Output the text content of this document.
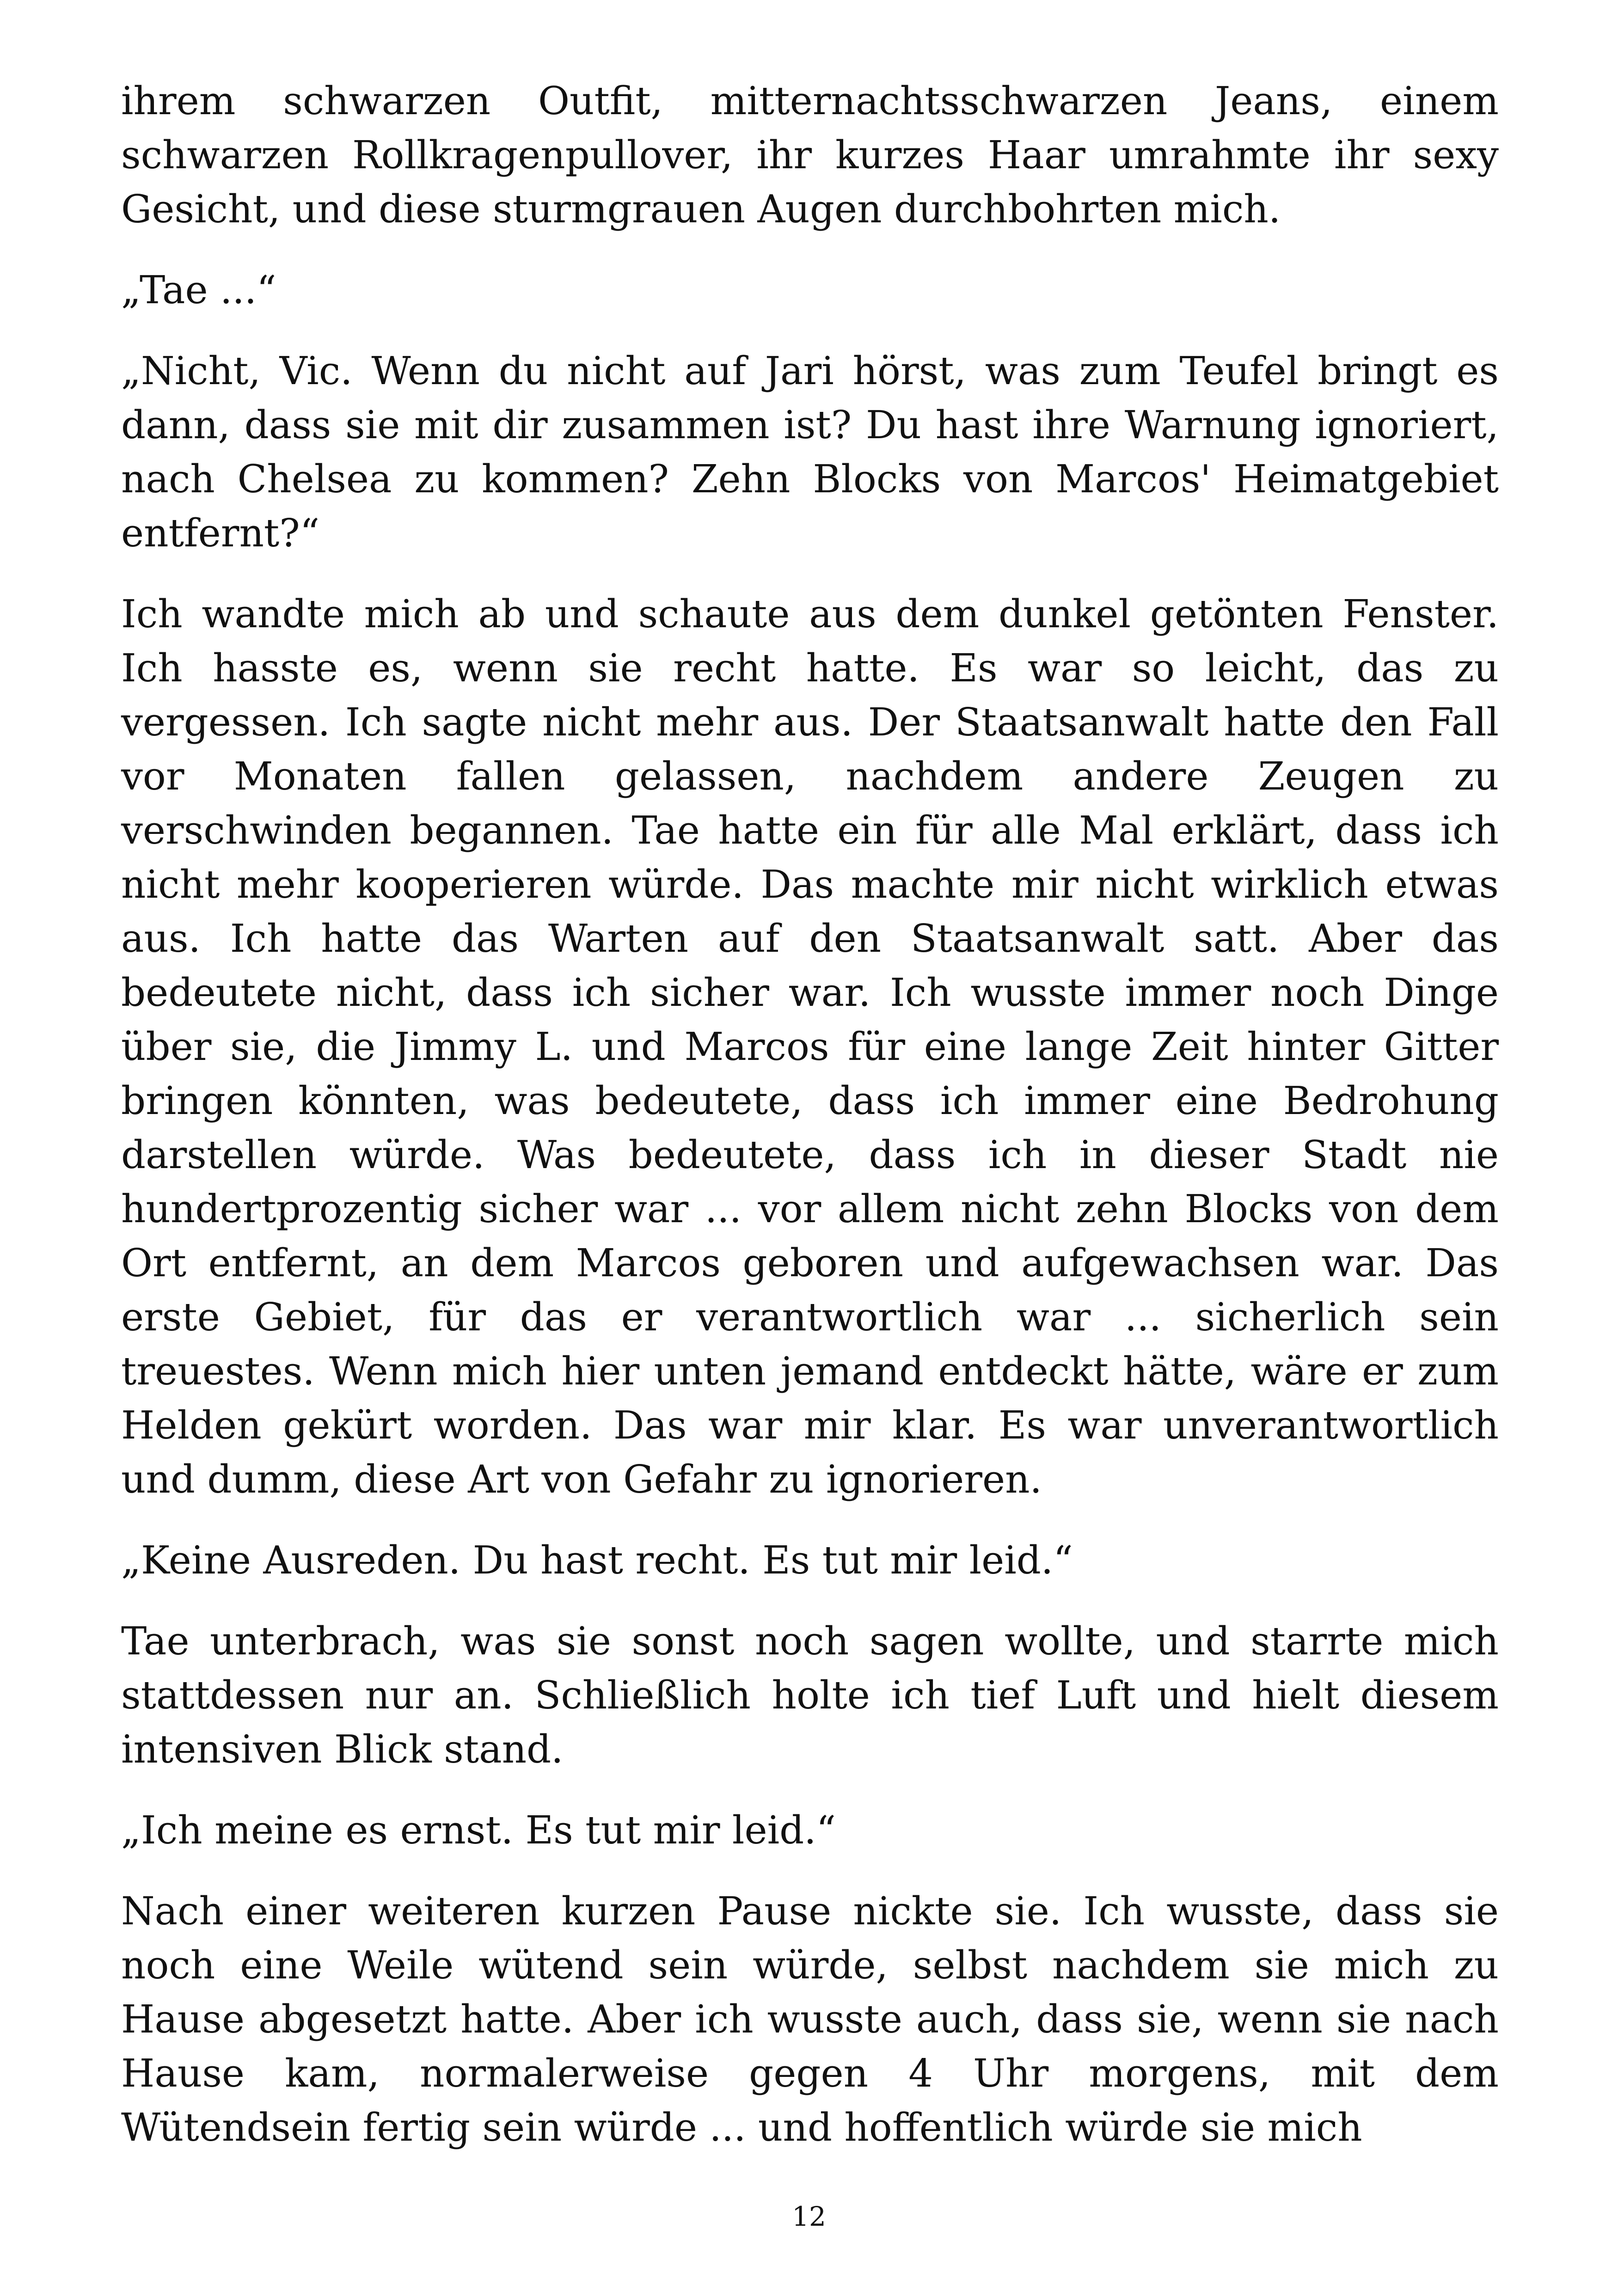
ihrem schwarzen Outfit, mitternachtsschwarzen Jeans, einem schwarzen Rollkragenpullover, ihr kurzes Haar umrahmte ihr sexy Gesicht, und diese sturmgrauen Augen durchbohrten mich.

„Tae ...“

„Nicht, Vic. Wenn du nicht auf Jari hörst, was zum Teufel bringt es dann, dass sie mit dir zusammen ist? Du hast ihre Warnung ignoriert, nach Chelsea zu kommen? Zehn Blocks von Marcos' Heimatgebiet entfernt?“

Ich wandte mich ab und schaute aus dem dunkel getönten Fenster. Ich hasste es, wenn sie recht hatte. Es war so leicht, das zu vergessen. Ich sagte nicht mehr aus. Der Staatsanwalt hatte den Fall vor Monaten fallen gelassen, nachdem andere Zeugen zu verschwinden begannen. Tae hatte ein für alle Mal erklärt, dass ich nicht mehr kooperieren würde. Das machte mir nicht wirklich etwas aus. Ich hatte das Warten auf den Staatsanwalt satt. Aber das bedeutete nicht, dass ich sicher war. Ich wusste immer noch Dinge über sie, die Jimmy L. und Marcos für eine lange Zeit hinter Gitter bringen könnten, was bedeutete, dass ich immer eine Bedrohung darstellen würde. Was bedeutete, dass ich in dieser Stadt nie hundertprozentig sicher war ... vor allem nicht zehn Blocks von dem Ort entfernt, an dem Marcos geboren und aufgewachsen war. Das erste Gebiet, für das er verantwortlich war ... sicherlich sein treuestes. Wenn mich hier unten jemand entdeckt hätte, wäre er zum Helden gekürt worden. Das war mir klar. Es war unverantwortlich und dumm, diese Art von Gefahr zu ignorieren.

„Keine Ausreden. Du hast recht. Es tut mir leid.“

Tae unterbrach, was sie sonst noch sagen wollte, und starrte mich stattdessen nur an. Schließlich holte ich tief Luft und hielt diesem intensiven Blick stand.

„Ich meine es ernst. Es tut mir leid.“

Nach einer weiteren kurzen Pause nickte sie. Ich wusste, dass sie noch eine Weile wütend sein würde, selbst nachdem sie mich zu Hause abgesetzt hatte. Aber ich wusste auch, dass sie, wenn sie nach Hause kam, normalerweise gegen 4 Uhr morgens, mit dem Wütendsein fertig sein würde ... und hoffentlich würde sie mich

12
